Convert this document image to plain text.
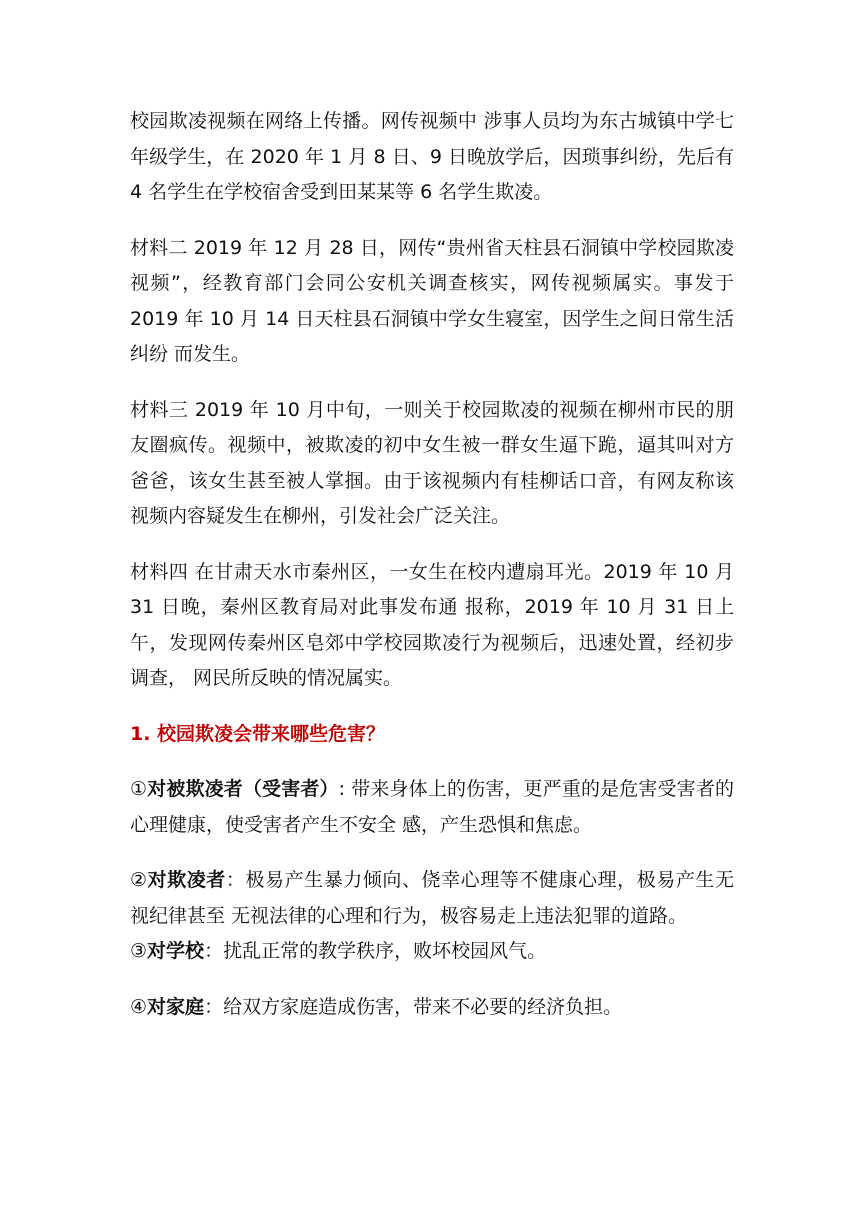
校园欺凌视频在网络上传播。网传视频中 涉事人员均为东古城镇中学七年级学生，在 2020 年 1 月 8 日、9 日晚放学后，因琐事纠纷，先后有 4 名学生在学校宿舍受到田某某等 6 名学生欺凌。

材料二 2019 年 12 月 28 日，网传“贵州省天柱县石洞镇中学校园欺凌视频”，经教育部门会同公安机关调查核实，网传视频属实。事发于 2019 年 10 月 14 日天柱县石洞镇中学女生寝室，因学生之间日常生活纠纷 而发生。

材料三 2019 年 10 月中旬，一则关于校园欺凌的视频在柳州市民的朋友圈疯传。视频中，被欺凌的初中女生被一群女生逼下跪，逼其叫对方爸爸，该女生甚至被人掌掴。由于该视频内有桂柳话口音，有网友称该视频内容疑发生在柳州，引发社会广泛关注。

材料四 在甘肃天水市秦州区，一女生在校内遭扇耳光。2019 年 10 月 31 日晚，秦州区教育局对此事发布通 报称，2019 年 10 月 31 日上午，发现网传秦州区皂郊中学校园欺凌行为视频后，迅速处置，经初步调查， 网民所反映的情况属实。

1. 校园欺凌会带来哪些危害？

①对被欺凌者（受害者）: 带来身体上的伤害，更严重的是危害受害者的心理健康，使受害者产生不安全 感，产生恐惧和焦虑。

②对欺凌者：极易产生暴力倾向、侥幸心理等不健康心理，极易产生无视纪律甚至 无视法律的心理和行为，极容易走上违法犯罪的道路。

③对学校：扰乱正常的教学秩序，败坏校园风气。

④对家庭：给双方家庭造成伤害，带来不必要的经济负担。
